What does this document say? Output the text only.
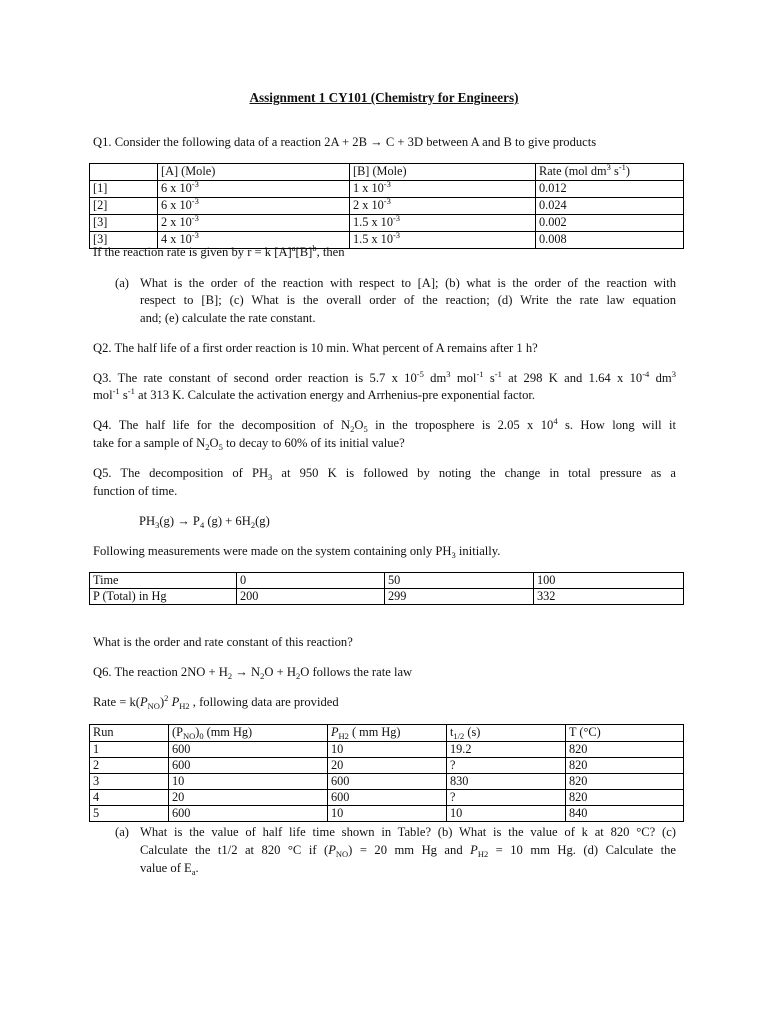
Assignment 1 CY101 (Chemistry for Engineers)
Q1. Consider the following data of a reaction 2A + 2B → C + 3D between A and B to give products
	[A] (Mole)	[B] (Mole)	Rate (mol $dm^3$ $s^{-1}$)
[1]	6 x $10^{-3}$	1 x $10^{-3}$	0.012
[2]	6 x $10^{-3}$	2 x $10^{-3}$	0.024
[3]	2 x $10^{-3}$	1.5 x $10^{-3}$	0.002
[3]	4 x $10^{-3}$	1.5 x $10^{-3}$	0.008
If the reaction rate is given by r = k $[A]^a[B]^b$, then
(a) What is the order of the reaction with respect to [A]; (b) what is the order of the reaction with
respect to [B]; (c) What is the overall order of the reaction; (d) Write the rate law equation
and; (e) calculate the rate constant.
Q2. The half life of a first order reaction is 10 min. What percent of A remains after 1 h?
Q3. The rate constant of second order reaction is 5.7 x $10^{-5}$ $dm^3$ mol$^{-1}$ $s^{-1}$ at 298 K and 1.64 x $10^{-4}$ $dm^3$
mol$^{-1}$ $s^{-1}$ at 313 K. Calculate the activation energy and Arrhenius-pre exponential factor.
Q4. The half life for the decomposition of $N_2O_5$ in the troposphere is 2.05 x $10^4$ s. How long will it
take for a sample of $N_2O_5$ to decay to 60% of its initial value?
Q5. The decomposition of $PH_3$ at 950 K is followed by noting the change in total pressure as a
function of time.
$PH_3(g) \to P_4$ $(g) + 6H_2(g)$
Following measurements were made on the system containing only $PH_3$ initially.
Time	0	50	100
P (Total) in Hg	200	299	332
What is the order and rate constant of this reaction?
Q6. The reaction $2NO + H_2 \to N_2O + H_2O$ follows the rate law
Rate = $k(P_{NO})^2$ $P_{H2}$ , following data are provided
Run	$(P_{NO})_0$ (mm Hg)	$P_{H2}$ ( mm Hg)	$t_{1/2}$ (s)	T (°C)
1	600	10	19.2	820
2	600	20	?	820
3	10	600	830	820
4	20	600	?	820
5	600	10	10	840
(a) What is the value of half life time shown in Table? (b) What is the value of k at 820 °C? (c)
Calculate the t1/2 at 820 °C if $(P_{NO}) = 20$ mm Hg and $P_{H2} = 10$ mm Hg. (d) Calculate the
value of $E_a$.
